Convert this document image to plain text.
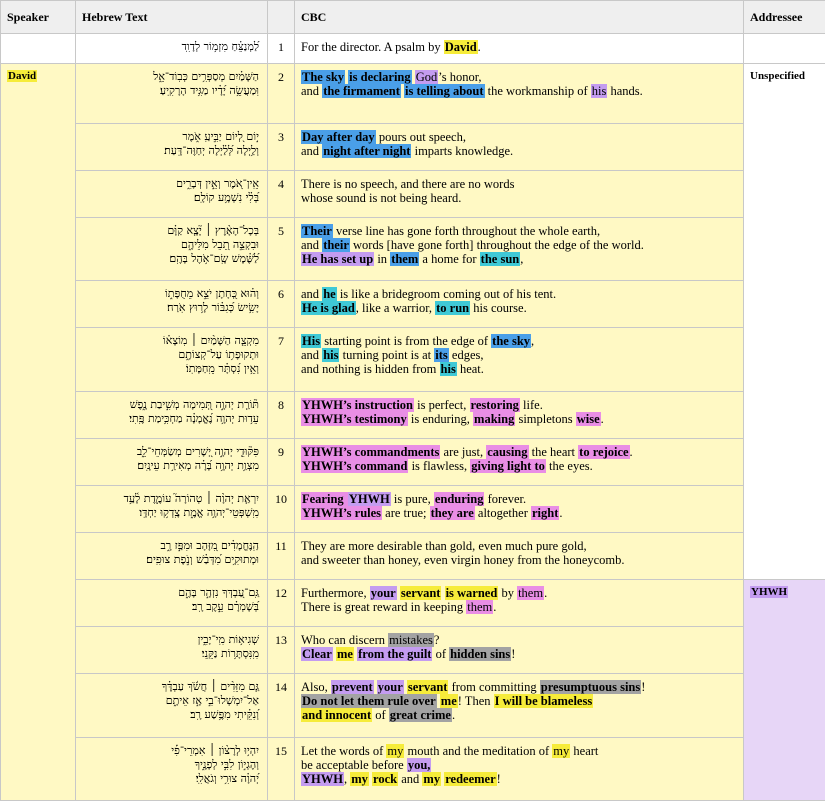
Speaker	Hebrew Text		CBC	Addressee

	לַ֝מְנַצֵּ֗חַ מִזְמ֥וֹר לְדָוִֽד	1	For the director. A psalm by David.	

David	הַשָּׁמַ֗יִם מְסַפְּרִ֥ים כְּבֽוֹד־אֵ֑ל
וּֽמַעֲשֵׂ֥ה יָ֝דָ֗יו מַגִּ֥יד הָרָקִֽיעַ׃	2	The sky is declaring God’s honor,
and the firmament is telling about the workmanship of his hands.	Unspecified

	י֣וֹם לְ֭יוֹם יַבִּ֣יעַֽ אֹ֑מֶר
וְלַ֥יְלָה לְּ֝לַ֗יְלָה יְחַוֶּה־דָּֽעַת׃	3	Day after day pours out speech,
and night after night imparts knowledge.	

	אֵֽין־אֹ֭מֶר וְאֵ֣ין דְּבָרִ֑ים
בְּ֝לִ֗י נִשְׁמָ֥ע קוֹלָֽם׃	4	There is no speech, and there are no words
whose sound is not being heard.	

	בְּכָל־הָאָ֨רֶץ ׀ יָ֘צָ֤א קַוָּ֗ם
וּבִקְצֵ֣ה תֵ֭בֵל מִלֵּיהֶ֑ם
לַ֝שֶּׁ֗מֶשׁ שָֽׂם־אֹ֥הֶל בָּהֶֽם׃	5	Their verse line has gone forth throughout the whole earth,
and their words [have gone forth] throughout the edge of the world.
He has set up in them a home for the sun,	

	וְה֗וּא כְּ֭חָתָן יֹצֵ֣א מֵחֻפָּת֑וֹ
יָשִׂ֥ישׂ כְּ֝גִבּ֗וֹר לָר֥וּץ אֹֽרַח׃	6	and he is like a bridegroom coming out of his tent.
He is glad, like a warrior, to run his course.	

	מִקְצֵ֤ה הַשָּׁמַ֨יִם ׀ מֽוֹצָא֗וֹ
וּתְקוּפָת֥וֹ עַל־קְצוֹתָ֑ם
וְאֵ֥ין נִ֝סְתָּ֗ר מֵֽחַמָּתֽוֹ׃	7	His starting point is from the edge of the sky,
and his turning point is at its edges,
and nothing is hidden from his heat.	

	תּ֘וֹרַ֤ת יְהוָ֣ה תְּ֭מִימָה מְשִׁ֣יבַת נָ֑פֶשׁ
עֵד֥וּת יְהוָ֥ה נֶ֝אֱמָנָ֗ה מַחְכִּ֥ימַת פֶּֽתִי׃	8	YHWH’s instruction is perfect, restoring life.
YHWH’s testimony is enduring, making simpletons wise.	

	פִּקּ֘וּדֵ֤י יְהוָ֣ה יְ֭שָׁרִים מְשַׂמְּחֵי־לֵ֑ב
מִצְוַ֥ת יְהוָ֥ה בָּ֝רָ֗ה מְאִירַ֥ת עֵינָֽיִם׃	9	YHWH’s commandments are just, causing the heart to rejoice.
YHWH’s command is flawless, giving light to the eyes.	

	יִרְאַ֤ת יְהוָ֨ה ׀ טְהוֹרָה֮ עוֹמֶ֪דֶת לָ֫עַ֥ד
מִֽשְׁפְּטֵי־יְהוָ֥ה אֱמֶ֑ת צָֽדְק֥וּ יַחְדָּֽו׃	10	Fearing YHWH is pure, enduring forever.
YHWH’s rules are true; they are altogether right.	

	הַֽנֶּחֱמָדִ֗ים מִ֭זָּהָב וּמִפַּ֣ז רָ֑ב
וּמְתוּקִ֥ים מִ֝דְּבַ֗שׁ וְנֹ֣פֶת צוּפִֽים׃	11	They are more desirable than gold, even much pure gold,
and sweeter than honey, even virgin honey from the honeycomb.	

	גַּֽם־עַ֭בְדְּךָ נִזְהָ֣ר בָּהֶ֑ם
בְּ֝שָׁמְרָ֗ם עֵ֣קֶב רָֽב׃	12	Furthermore, your servant is warned by them.
There is great reward in keeping them.	YHWH

	שְׁגִיא֥וֹת מִֽי־יָבִ֑ין
מִֽנִּסְתָּר֥וֹת נַקֵּֽנִי׃	13	Who can discern mistakes?
Clear me from the guilt of hidden sins!	

	גַּ֤ם מִזֵּדִ֨ים ׀ חֲשֹׂ֬ךְ עַבְדֶּ֗ךָ
אַל־יִמְשְׁלוּ־בִ֣י אָ֣ז אֵיתָ֑ם
וְ֝נִקֵּ֗יתִי מִפֶּ֥שַׁע רָֽב׃	14	Also, prevent your servant from committing presumptuous sins!
Do not let them rule over me! Then I will be blameless
and innocent of great crime.	

	יִהְי֥וּ לְרָצ֨וֹן ׀ אִמְרֵי־פִ֡י
וְהֶגְי֣וֹן לִבִּ֣י לְפָנֶ֑יךָ
יְ֝הוָ֗ה צוּרִ֥י וְגֹאֲלִֽי׃	15	Let the words of my mouth and the meditation of my heart
be acceptable before you,
YHWH, my rock and my redeemer!	
